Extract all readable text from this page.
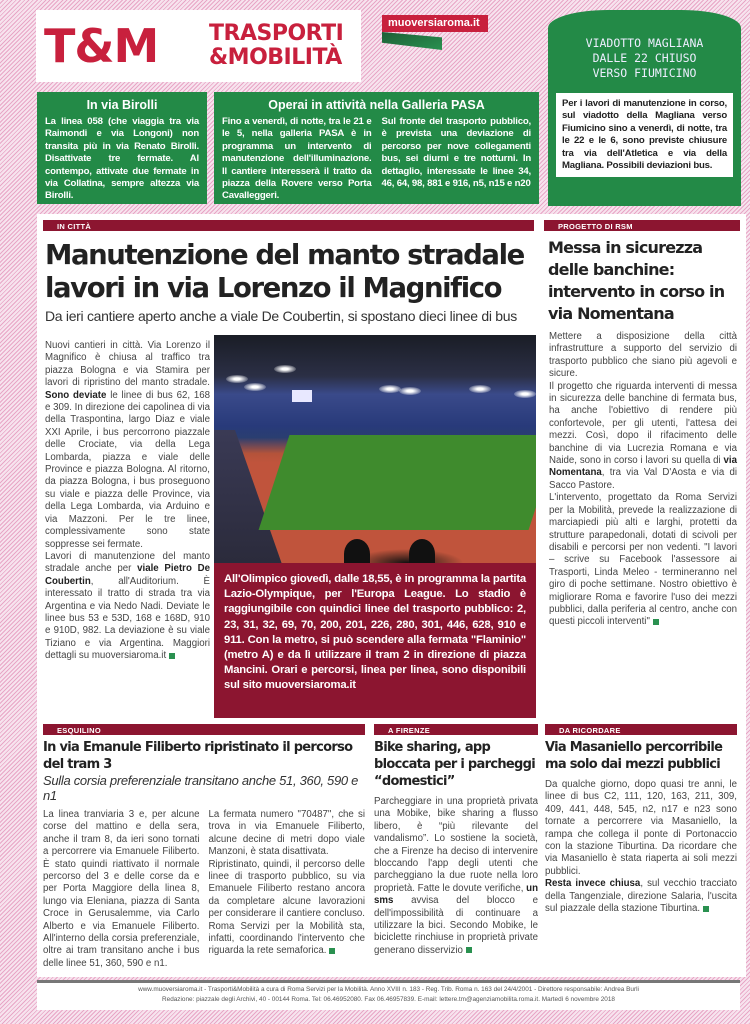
T&M TRASPORTI
&MOBILITÀ
muoversiaroma.it
In via Birolli
La linea 058 (che viaggia tra via Raimondi e via Longoni) non transita più in via Renato Birolli. Disattivate tre fermate. Al contempo, attivate due fermate in via Collatina, sempre altezza via Birolli.
Operai in attività nella Galleria PASA
Fino a venerdì, di notte, tra le 21 e le 5, nella galleria PASA è in programma un intervento di manutenzione dell'illuminazione. Il cantiere interesserà il tratto da piazza della Rovere verso Porta Cavalleggeri.
Sul fronte del trasporto pubblico, è prevista una deviazione di percorso per nove collegamenti bus, sei diurni e tre notturni. In dettaglio, interessate le linee 34, 46, 64, 98, 881 e 916, n5, n15 e n20
VIADOTTO MAGLIANA
DALLE 22 CHIUSO
VERSO FIUMICINO
Per i lavori di manutenzione in corso, sul viadotto della Magliana verso Fiumicino sino a venerdì, di notte, tra le 22 e le 6, sono previste chiusure tra via dell'Atletica e via della Magliana. Possibili deviazioni bus.
IN CITTÀ
Manutenzione del manto stradale lavori in via Lorenzo il Magnifico
Da ieri cantiere aperto anche a viale De Coubertin, si spostano dieci linee di bus
Nuovi cantieri in città. Via Lorenzo il Magnifico è chiusa al traffico tra piazza Bologna e via Stamira per lavori di ripristino del manto stradale. Sono deviate le linee di bus 62, 168 e 309. In direzione dei capolinea di via della Traspontina, largo Diaz e viale XXI Aprile, i bus percorrono piazzale delle Crociate, via della Lega Lombarda, piazza e viale delle Province e piazza Bologna. Al ritorno, da piazza Bologna, i bus proseguono su viale e piazza delle Province, via della Lega Lombarda, via Arduino e via Mazzoni. Per le tre linee, complessivamente sono state soppresse sei fermate.
Lavori di manutenzione del manto stradale anche per viale Pietro De Coubertin, all'Auditorium. È interessato il tratto di strada tra via Argentina e via Nedo Nadi. Deviate le linee bus 53 e 53D, 168 e 168D, 910 e 910D, 982. La deviazione è su viale Tiziano e via Argentina. Maggiori dettagli su muoversiaroma.it
All'Olimpico giovedì, dalle 18,55, è in programma la partita Lazio-Olympique, per l'Europa League. Lo stadio è raggiungibile con quindici linee del trasporto pubblico: 2, 23, 31, 32, 69, 70, 200, 201, 226, 280, 301, 446, 628, 910 e 911. Con la metro, si può scendere alla fermata "Flaminio" (metro A) e da lì utilizzare il tram 2 in direzione di piazza Mancini. Orari e percorsi, linea per linea, sono disponibili sul sito muoversiaroma.it
PROGETTO DI RSM
Messa in sicurezza delle banchine: intervento in corso in via Nomentana
Mettere a disposizione della città infrastrutture a supporto del servizio di trasporto pubblico che siano più agevoli e sicure.
Il progetto che riguarda interventi di messa in sicurezza delle banchine di fermata bus, ha anche l'obiettivo di rendere più confortevole, per gli utenti, l'attesa dei mezzi. Così, dopo il rifacimento delle banchine di via Lucrezia Romana e via Naide, sono in corso i lavori su quella di via Nomentana, tra via Val D'Aosta e via di Sacco Pastore.
L'intervento, progettato da Roma Servizi per la Mobilità, prevede la realizzazione di marciapiedi più alti e larghi, protetti da strutture parapedonali, dotati di scivoli per disabili e percorsi per non vedenti. "I lavori – scrive su Facebook l'assessore ai Trasporti, Linda Meleo - termineranno nel giro di poche settimane. Nostro obiettivo è migliorare Roma e favorire l'uso dei mezzi pubblici, dalla periferia al centro, anche con questi piccoli interventi"
ESQUILINO
In via Emanule Filiberto ripristinato il percorso del tram 3
Sulla corsia preferenziale transitano anche 51, 360, 590 e n1
La linea tranviaria 3 e, per alcune corse del mattino e della sera, anche il tram 8, da ieri sono tornati a percorrere via Emanuele Filiberto. È stato quindi riattivato il normale percorso del 3 e delle corse da e per Porta Maggiore della linea 8, lungo via Eleniana, piazza di Santa Croce in Gerusalemme, via Carlo Alberto e via Emanuele Filiberto. All'interno della corsia preferenziale, oltre ai tram transitano anche i bus delle linee 51, 360, 590 e n1.
La fermata numero "70487", che si trova in via Emanuele Filiberto, alcune decine di metri dopo viale Manzoni, è stata disattivata.
Ripristinato, quindi, il percorso delle linee di trasporto pubblico, su via Emanuele Filiberto restano ancora da completare alcune lavorazioni per considerare il cantiere concluso. Roma Servizi per la Mobilità sta, infatti, coordinando l'intervento che riguarda la rete semaforica.
A FIRENZE
Bike sharing, app bloccata per i parcheggi “domestici”
Parcheggiare in una proprietà privata una Mobike, bike sharing a flusso libero, è “più rilevante del vandalismo”. Lo sostiene la società, che a Firenze ha deciso di intervenire bloccando l'app degli utenti che parcheggiano la due ruote nella loro proprietà. Fatte le dovute verifiche, un sms avvisa del blocco e dell'impossibilità di continuare a utilizzare la bici. Secondo Mobike, le biciclette rinchiuse in proprietà private generano disservizio
DA RICORDARE
Via Masaniello percorribile ma solo dai mezzi pubblici
Da qualche giorno, dopo quasi tre anni, le linee di bus C2, 111, 120, 163, 211, 309, 409, 441, 448, 545, n2, n17 e n23 sono tornate a percorrere via Masaniello, la rampa che collega il ponte di Portonaccio con la stazione Tiburtina. Da ricordare che via Masaniello è stata riaperta ai soli mezzi pubblici.
Resta invece chiusa, sul vecchio tracciato della Tangenziale, direzione Salaria, l'uscita sul piazzale della stazione Tiburtina.
www.muoversiaroma.it - Trasporti&Mobilità a cura di Roma Servizi per la Mobilità. Anno XVIII n. 183 - Reg. Trib. Roma n. 163 del 24/4/2001 - Direttore responsabile: Andrea Burli
Redazione: piazzale degli Archivi, 40 - 00144 Roma. Tel: 06.46952080. Fax 06.46957839. E-mail: lettere.tm@agenziamobilita.roma.it. Martedì 6 novembre 2018
